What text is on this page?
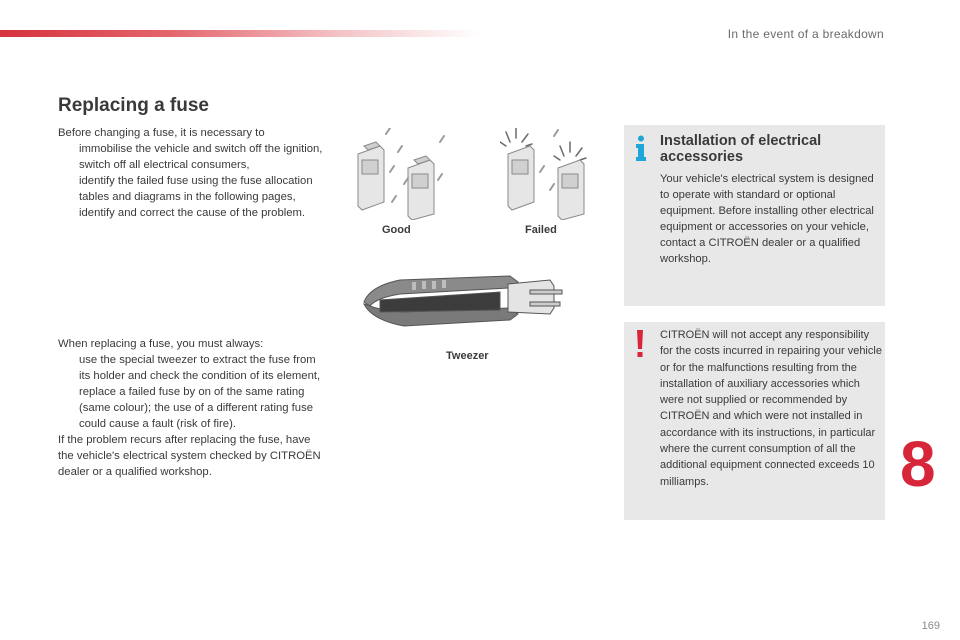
In the event of a breakdown
Replacing a fuse
Before changing a fuse, it is necessary to
immobilise the vehicle and switch off the ignition,
switch off all electrical consumers,
identify the failed fuse using the fuse allocation tables and diagrams in the following pages,
identify and correct the cause of the problem.
When replacing a fuse, you must always:
use the special tweezer to extract the fuse from its holder and check the condition of its element,
replace a failed fuse by on of the same rating (same colour); the use of a different rating fuse could cause a fault (risk of fire).
If the problem recurs after replacing the fuse, have the vehicle's electrical system checked by CITROËN dealer or a qualified workshop.
Good	Failed
Tweezer
Installation of electrical accessories
Your vehicle's electrical system is designed to operate with standard or optional equipment. Before installing other electrical equipment or accessories on your vehicle, contact a CITROËN dealer or a qualified workshop.
CITROËN will not accept any responsibility for the costs incurred in repairing your vehicle or for the malfunctions resulting from the installation of auxiliary accessories which were not supplied or recommended by CITROËN and which were not installed in accordance with its instructions, in particular where the current consumption of all the additional equipment connected exceeds 10 milliamps.	8
169
